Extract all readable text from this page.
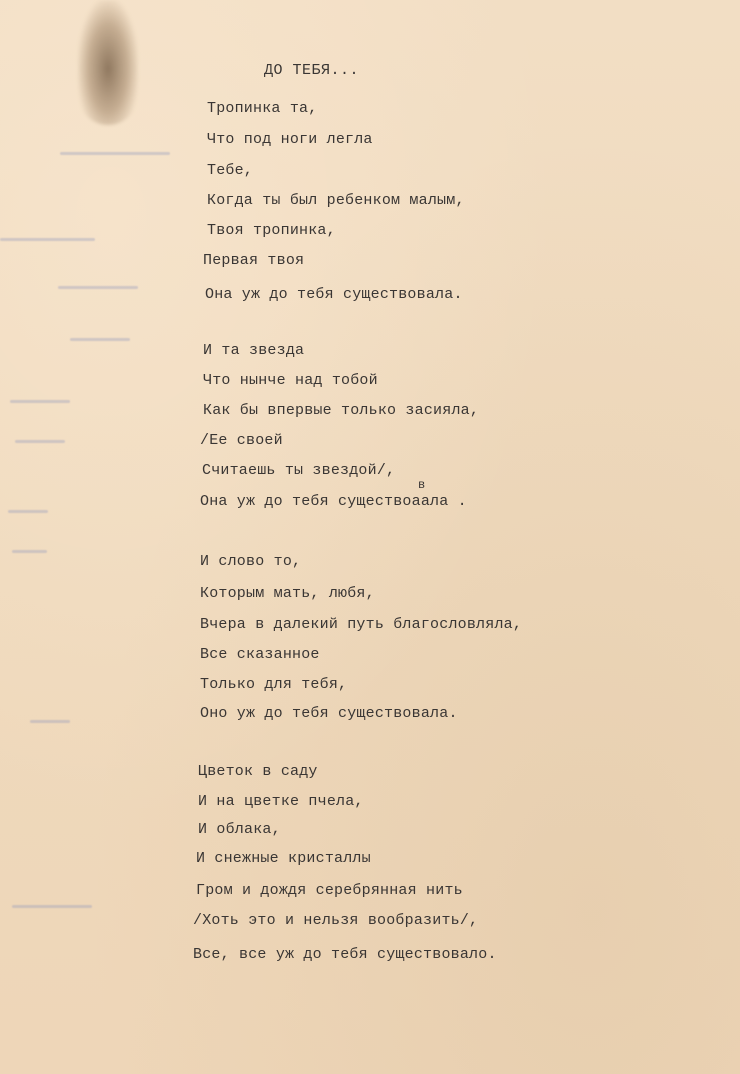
ДО ТЕБЯ...
Тропинка та,
Что под ноги легла
Тебе,
Когда ты был ребенком малым,
Твоя тропинка,
Первая твоя
Она уж до тебя существовала.
И та звезда
Что нынче над тобой
Как бы впервые только засияла,
/Ее своей
Считаешь ты звездой/,
в
Она уж до тебя существоаала .
И слово то,
Которым мать, любя,
Вчера в далекий путь благословляла,
Все сказанное
Только для тебя,
Оно уж до тебя существовала.
Цветок в саду
И на цветке пчела,
И облака,
И снежные кристаллы
Гром и дождя серебрянная нить
/Хоть это и нельзя вообразить/,
Все, все уж до тебя существовало.
